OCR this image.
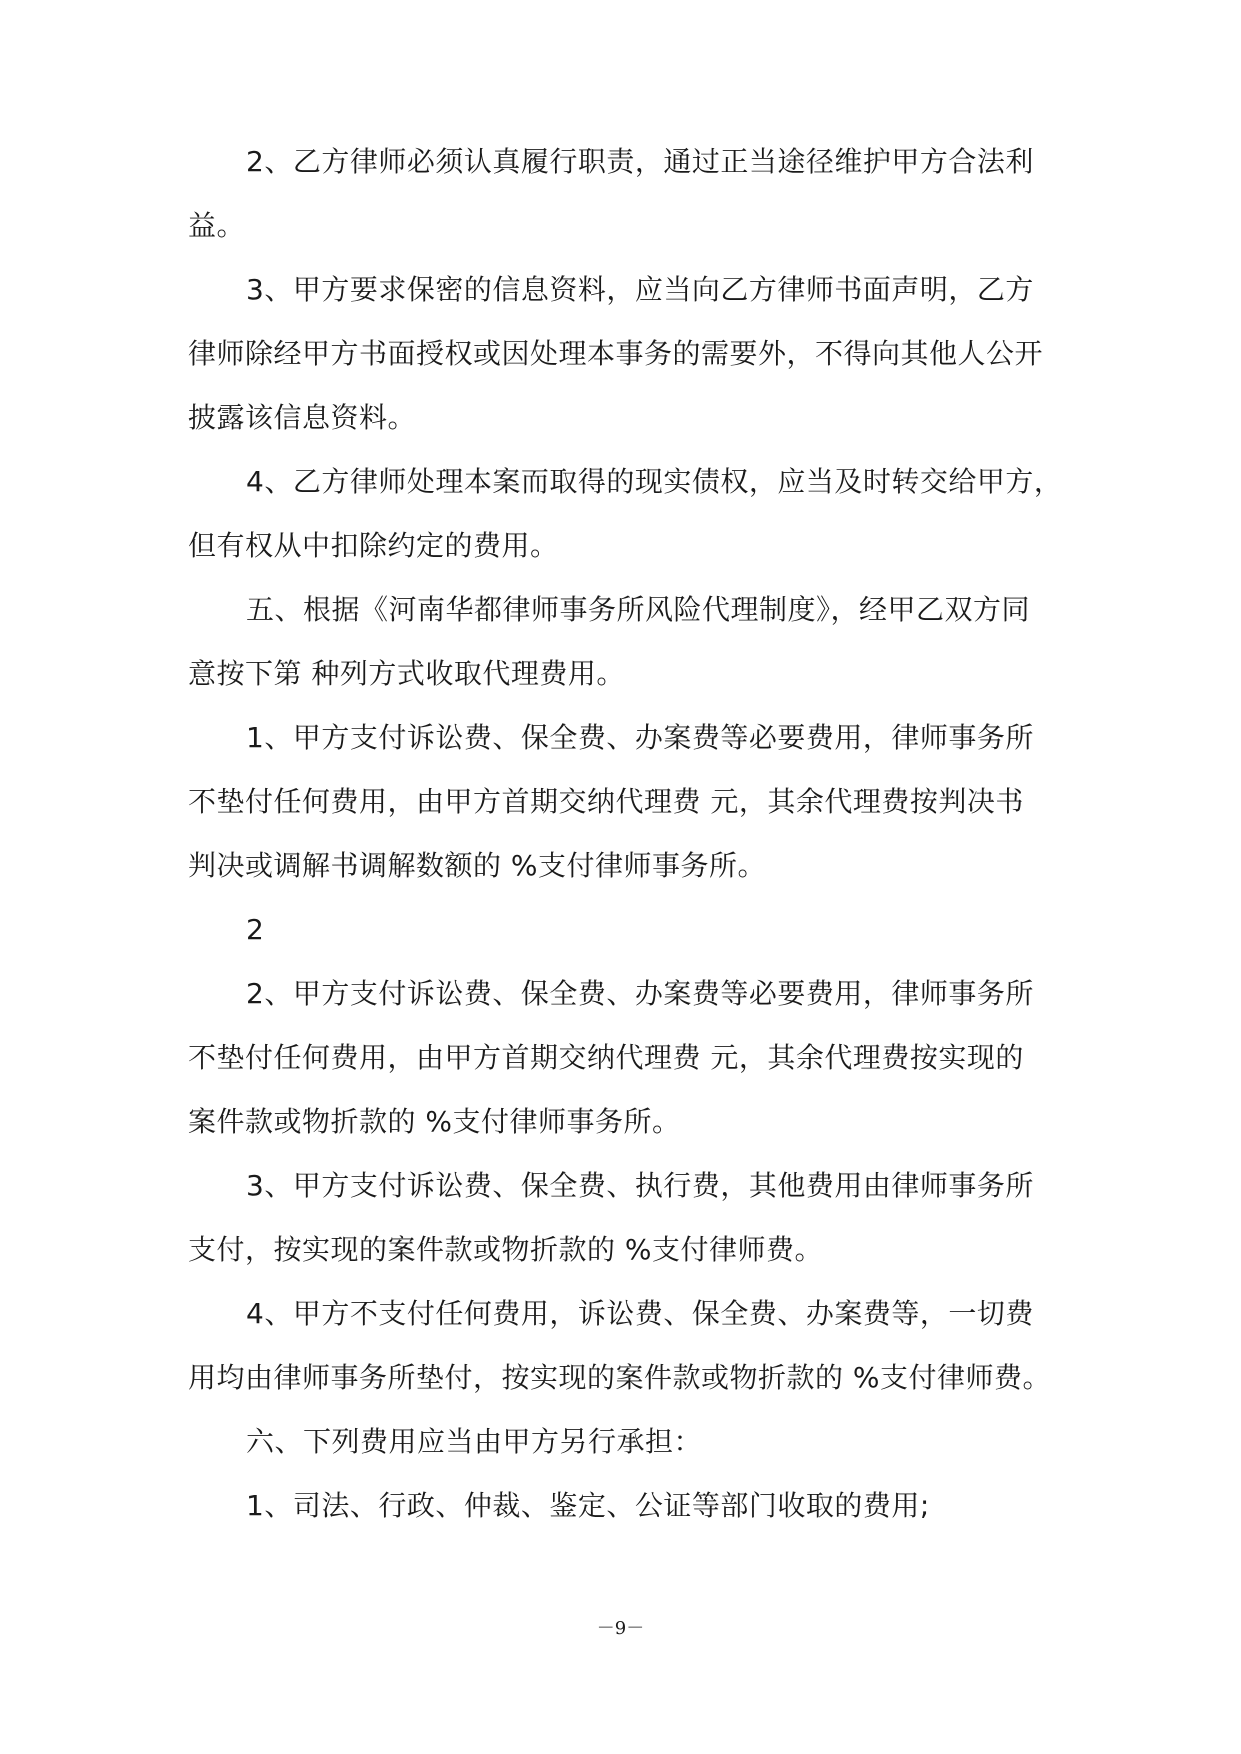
2、乙方律师必须认真履行职责，通过正当途径维护甲方合法利
益。
3、甲方要求保密的信息资料，应当向乙方律师书面声明，乙方
律师除经甲方书面授权或因处理本事务的需要外，不得向其他人公开
披露该信息资料。
4、乙方律师处理本案而取得的现实债权，应当及时转交给甲方，
但有权从中扣除约定的费用。
五、根据《河南华都律师事务所风险代理制度》，经甲乙双方同
意按下第 种列方式收取代理费用。
1、甲方支付诉讼费、保全费、办案费等必要费用，律师事务所
不垫付任何费用，由甲方首期交纳代理费 元，其余代理费按判决书
判决或调解书调解数额的 %支付律师事务所。
2
2、甲方支付诉讼费、保全费、办案费等必要费用，律师事务所
不垫付任何费用，由甲方首期交纳代理费 元，其余代理费按实现的
案件款或物折款的 %支付律师事务所。
3、甲方支付诉讼费、保全费、执行费，其他费用由律师事务所
支付，按实现的案件款或物折款的 %支付律师费。
4、甲方不支付任何费用，诉讼费、保全费、办案费等，一切费
用均由律师事务所垫付，按实现的案件款或物折款的 %支付律师费。
六、下列费用应当由甲方另行承担：
1、司法、行政、仲裁、鉴定、公证等部门收取的费用;
－9－
